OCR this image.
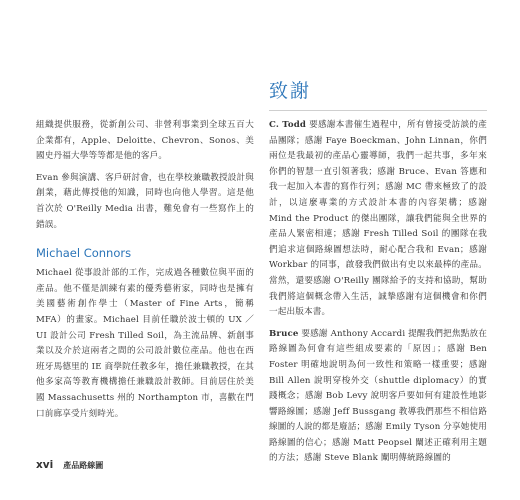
致謝

組織提供服務，從新創公司、非營利事業到全球五百大企業都有，Apple、Deloitte、Chevron、Sonos、美國史丹福大學等等都是他的客戶。

Evan 參與演講、客戶研討會，也在學校兼職教授設計與創業，藉此傳授他的知識，同時也向他人學習。這是他首次於 O'Reilly Media 出書，難免會有一些寫作上的錯誤。

Michael Connors

Michael 從事設計部的工作，完成過各種數位與平面的產品。他不僅是訓練有素的優秀藝術家，同時也是擁有美國藝術創作學士（Master of Fine Arts，簡稱 MFA）的畫家。Michael 目前任職於波士頓的 UX ／ UI 設計公司 Fresh Tilled Soil，為主流品牌、新創事業以及介於這兩者之間的公司設計數位產品。他也在西班牙馬德里的 IE 商學院任教多年，擔任兼職教授，在其他多家高等教育機構擔任兼職設計教師。目前居住於美國 Massachusetts 州的 Northampton 市，喜歡在門口前廊享受片刻時光。

C. Todd 要感謝本書催生過程中，所有曾接受訪談的產品團隊；感謝 Faye Boeckman、John Linnan，你們兩位是我最初的產品心靈導師，我們一起共事，多年來你們的智慧一直引領著我；感謝 Bruce、Evan 答應和我一起加入本書的寫作行列；感謝 MC 帶來極致了的設計，以這麼專業的方式設計本書的內容架構；感謝 Mind the Product 的傑出團隊，讓我們能與全世界的產品人緊密相連；感謝 Fresh Tilled Soil 的團隊在我們追求這個路線圖想法時，耐心配合我和 Evan；感謝 Workbar 的同事，啟發我們做出有史以來最棒的產品。當然，還要感謝 O'Reilly 團隊給予的支持和協助，幫助我們將這個概念帶入生活，誠摯感謝有這個機會和你們一起出版本書。

Bruce 要感謝 Anthony Accardi 提醒我們把焦點放在路線圖為何會有這些組成要素的「原因」；感謝 Ben Foster 明確地說明為何一致性和策略一樣重要；感謝 Bill Allen 說明穿梭外交（shuttle diplomacy）的實踐概念；感謝 Bob Levy 說明客戶要如何有建設性地影響路線圖；感謝 Jeff Bussgang 教導我們那些不相信路線圖的人說的都是廢話；感謝 Emily Tyson 分享她使用路線圖的信心；感謝 Matt Peopsel 闡述正確利用主題的方法；感謝 Steve Blank 闡明傳統路線圖的

xvi 產品路線圖
